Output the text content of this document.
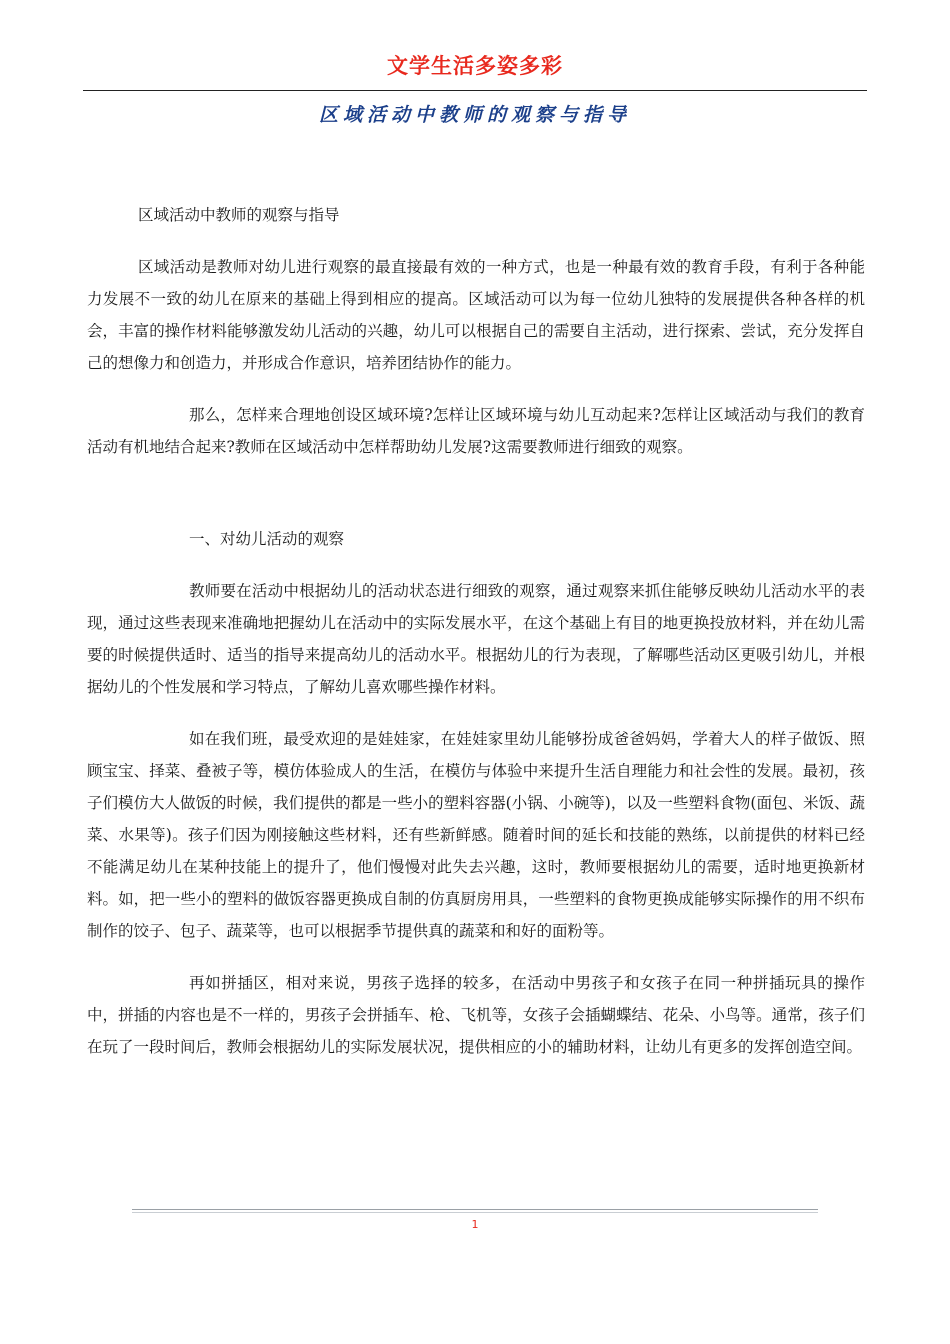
文学生活多姿多彩
区域活动中教师的观察与指导

区域活动中教师的观察与指导

区域活动是教师对幼儿进行观察的最直接最有效的一种方式，也是一种最有效的教育手段，有利于各种能力发展不一致的幼儿在原来的基础上得到相应的提高。区域活动可以为每一位幼儿独特的发展提供各种各样的机会，丰富的操作材料能够激发幼儿活动的兴趣，幼儿可以根据自己的需要自主活动，进行探索、尝试，充分发挥自己的想像力和创造力，并形成合作意识，培养团结协作的能力。

那么，怎样来合理地创设区域环境?怎样让区域环境与幼儿互动起来?怎样让区域活动与我们的教育活动有机地结合起来?教师在区域活动中怎样帮助幼儿发展?这需要教师进行细致的观察。

一、对幼儿活动的观察

教师要在活动中根据幼儿的活动状态进行细致的观察，通过观察来抓住能够反映幼儿活动水平的表现，通过这些表现来准确地把握幼儿在活动中的实际发展水平，在这个基础上有目的地更换投放材料，并在幼儿需要的时候提供适时、适当的指导来提高幼儿的活动水平。根据幼儿的行为表现，了解哪些活动区更吸引幼儿，并根据幼儿的个性发展和学习特点，了解幼儿喜欢哪些操作材料。

如在我们班，最受欢迎的是娃娃家，在娃娃家里幼儿能够扮成爸爸妈妈，学着大人的样子做饭、照顾宝宝、择菜、叠被子等，模仿体验成人的生活，在模仿与体验中来提升生活自理能力和社会性的发展。最初，孩子们模仿大人做饭的时候，我们提供的都是一些小的塑料容器(小锅、小碗等)，以及一些塑料食物(面包、米饭、蔬菜、水果等)。孩子们因为刚接触这些材料，还有些新鲜感。随着时间的延长和技能的熟练，以前提供的材料已经不能满足幼儿在某种技能上的提升了，他们慢慢对此失去兴趣，这时，教师要根据幼儿的需要，适时地更换新材料。如，把一些小的塑料的做饭容器更换成自制的仿真厨房用具，一些塑料的食物更换成能够实际操作的用不织布制作的饺子、包子、蔬菜等，也可以根据季节提供真的蔬菜和和好的面粉等。

再如拼插区，相对来说，男孩子选择的较多，在活动中男孩子和女孩子在同一种拼插玩具的操作中，拼插的内容也是不一样的，男孩子会拼插车、枪、飞机等，女孩子会插蝴蝶结、花朵、小鸟等。通常，孩子们在玩了一段时间后，教师会根据幼儿的实际发展状况，提供相应的小的辅助材料，让幼儿有更多的发挥创造空间。

1
